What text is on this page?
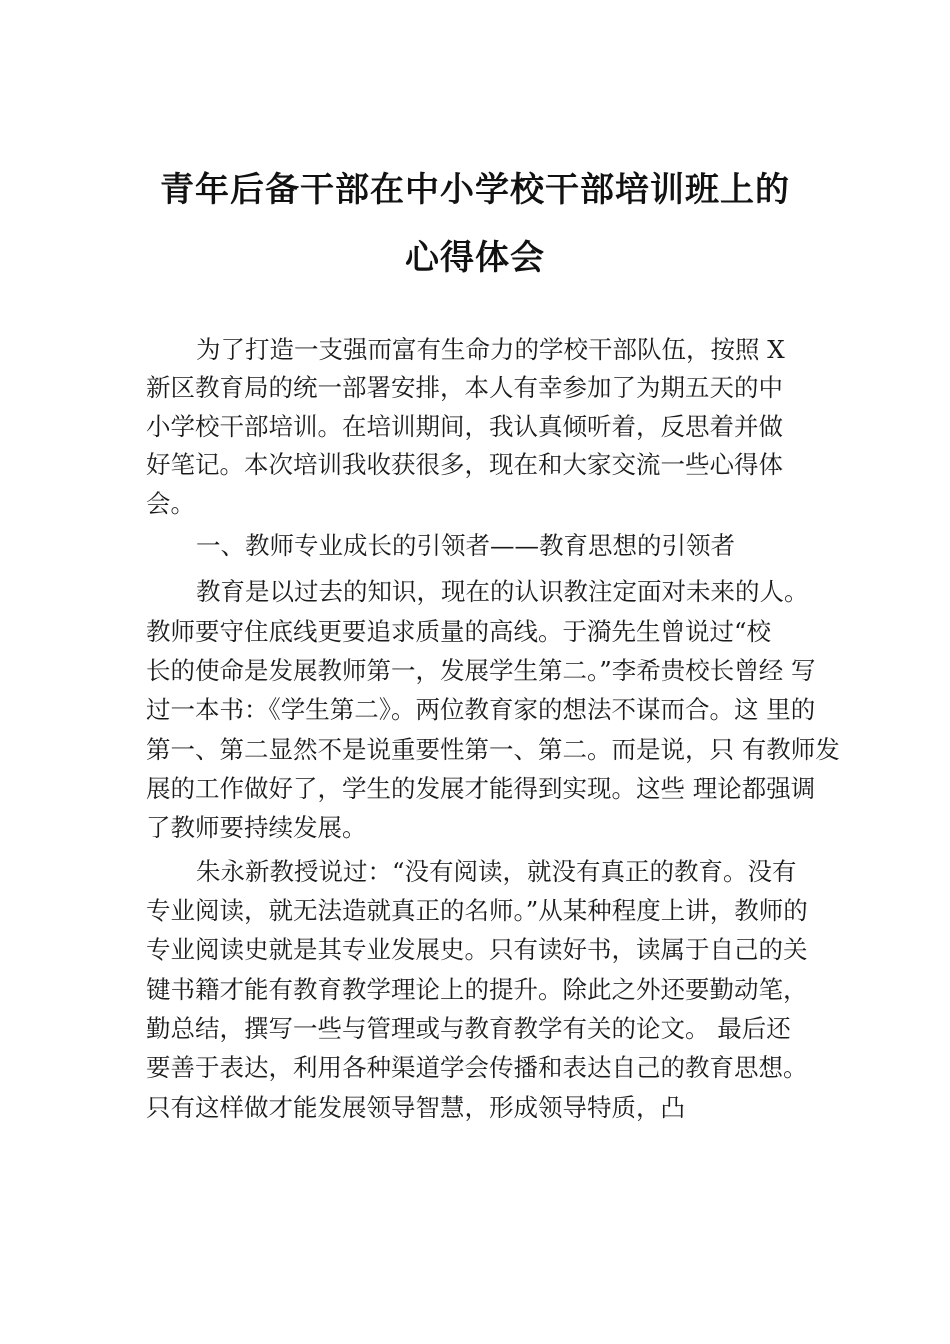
青年后备干部在中小学校干部培训班上的
心得体会
为了打造一支强而富有生命力的学校干部队伍，按照 X
新区教育局的统一部署安排，本人有幸参加了为期五天的中
小学校干部培训。在培训期间，我认真倾听着，反思着并做
好笔记。本次培训我收获很多，现在和大家交流一些心得体
会。
一、教师专业成长的引领者——教育思想的引领者
教育是以过去的知识，现在的认识教注定面对未来的人。
教师要守住底线更要追求质量的高线。于漪先生曾说过“校
长的使命是发展教师第一，发展学生第二。”李希贵校长曾经 写
过一本书：《学生第二》。两位教育家的想法不谋而合。这 里的
第一、第二显然不是说重要性第一、第二。而是说，只 有教师发
展的工作做好了，学生的发展才能得到实现。这些 理论都强调
了教师要持续发展。
朱永新教授说过：“没有阅读，就没有真正的教育。没有
专业阅读，就无法造就真正的名师。”从某种程度上讲，教师的
专业阅读史就是其专业发展史。只有读好书，读属于自己的关
键书籍才能有教育教学理论上的提升。除此之外还要勤动笔，
勤总结，撰写一些与管理或与教育教学有关的论文。 最后还
要善于表达，利用各种渠道学会传播和表达自己的教育思想。
只有这样做才能发展领导智慧，形成领导特质，凸
